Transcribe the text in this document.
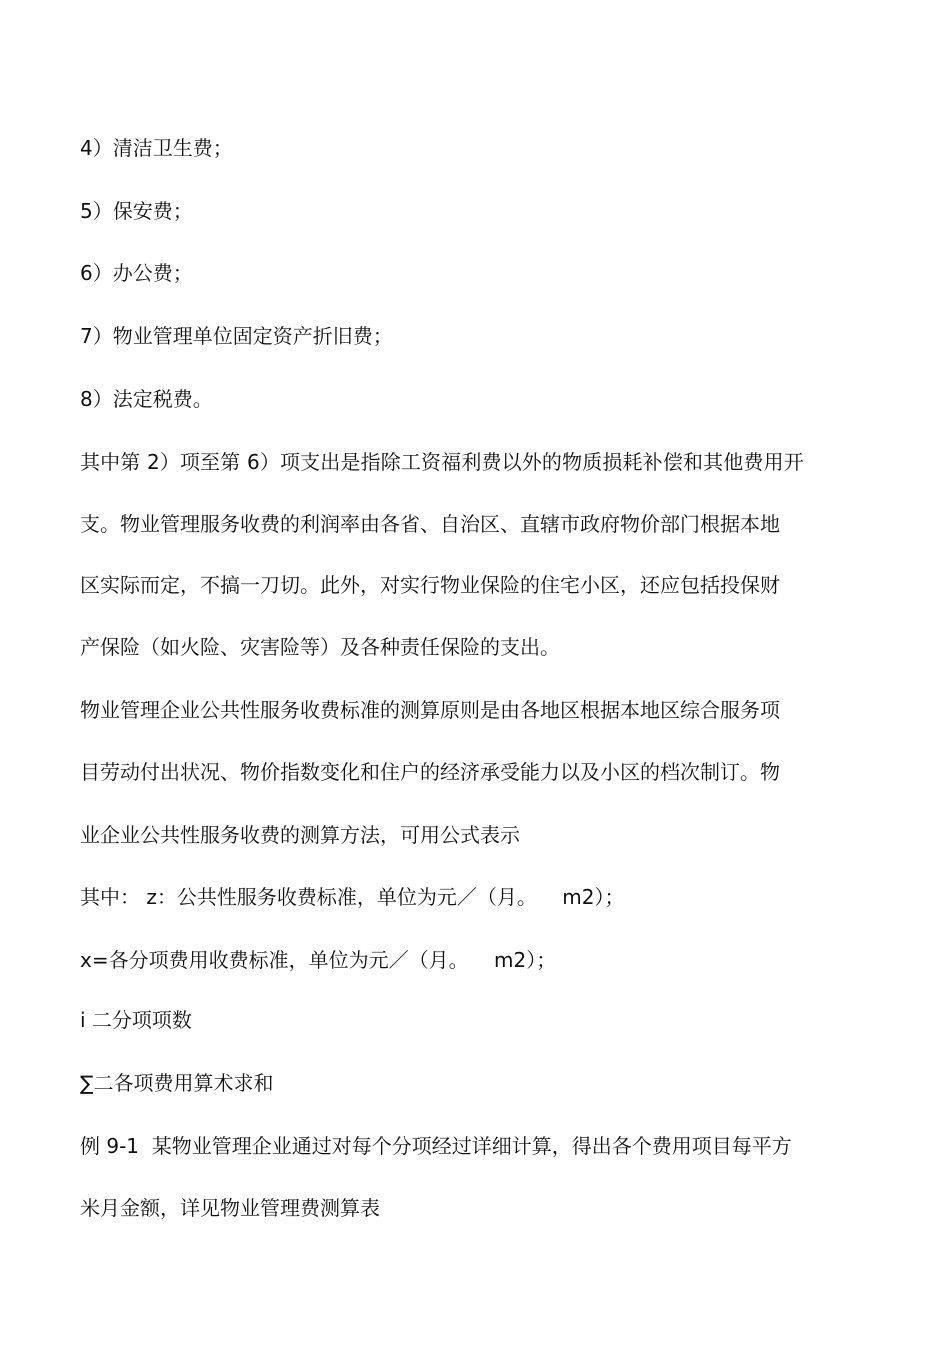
4）清洁卫生费；

5）保安费；

6）办公费；

7）物业管理单位固定资产折旧费；

8）法定税费。

其中第 2）项至第 6）项支出是指除工资福利费以外的物质损耗补偿和其他费用开

支。物业管理服务收费的利润率由各省、自治区、直辖市政府物价部门根据本地

区实际而定，不搞一刀切。此外，对实行物业保险的住宅小区，还应包括投保财

产保险（如火险、灾害险等）及各种责任保险的支出。

物业管理企业公共性服务收费标准的测算原则是由各地区根据本地区综合服务项

目劳动付出状况、物价指数变化和住户的经济承受能力以及小区的档次制订。物

业企业公共性服务收费的测算方法，可用公式表示

其中： z：公共性服务收费标准，单位为元／（月。    m2）；

x=各分项费用收费标准，单位为元／（月。    m2）；

i 二分项项数

∑二各项费用算术求和

例 9-1  某物业管理企业通过对每个分项经过详细计算，得出各个费用项目每平方

米月金额，详见物业管理费测算表
